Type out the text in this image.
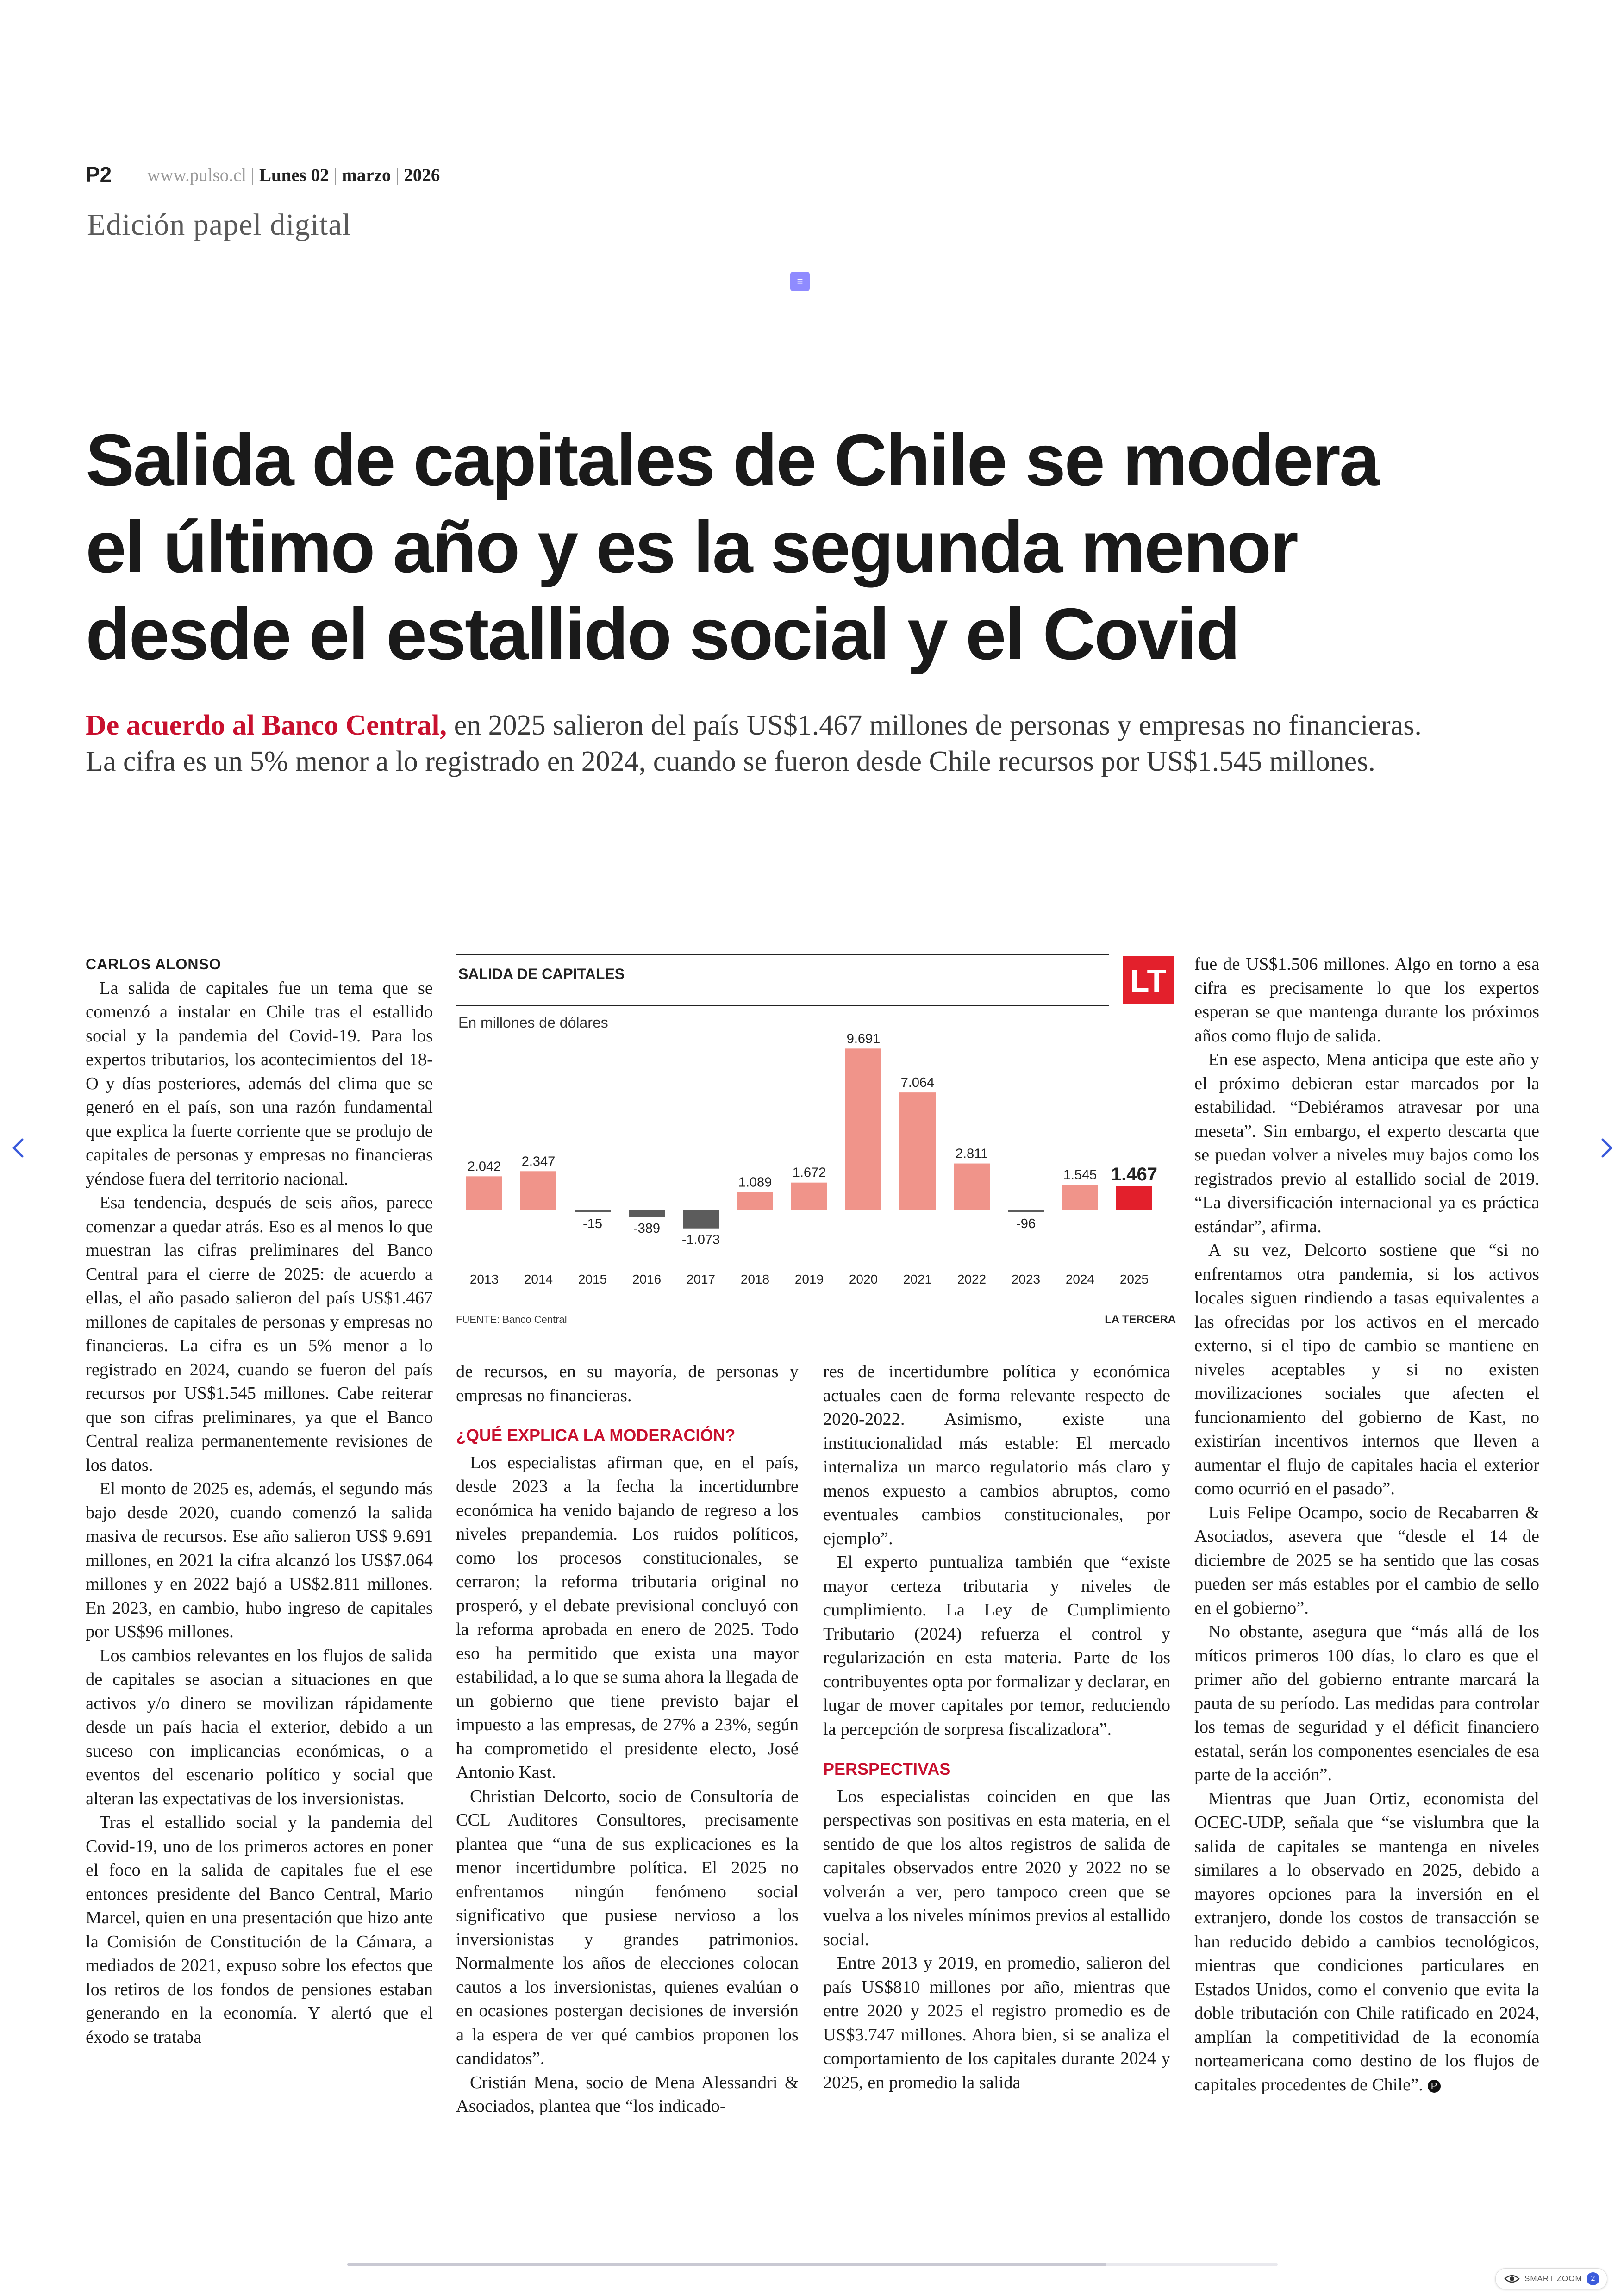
P2 www.pulso.cl | Lunes 02 | marzo | 2026
Edición papel digital
≡
Salida de capitales de Chile se modera
el último año y es la segunda menor
desde el estallido social y el Covid
De acuerdo al Banco Central, en 2025 salieron del país US$1.467 millones de personas y empresas no financieras. La cifra es un 5% menor a lo registrado en 2024, cuando se fueron desde Chile recursos por US$1.545 millones.

CARLOS ALONSO

La salida de capitales fue un tema que se comenzó a instalar en Chile tras el estallido social y la pandemia del Covid-19. Para los expertos tributarios, los acontecimientos del 18-O y días posteriores, además del clima que se generó en el país, son una razón fundamental que explica la fuerte corriente que se produjo de capitales de personas y empresas no financieras yéndose fuera del territorio nacional.

Esa tendencia, después de seis años, parece comenzar a quedar atrás. Eso es al menos lo que muestran las cifras preliminares del Banco Central para el cierre de 2025: de acuerdo a ellas, el año pasado salieron del país US$1.467 millones de capitales de personas y empresas no financieras. La cifra es un 5% menor a lo registrado en 2024, cuando se fueron del país recursos por US$1.545 millones. Cabe reiterar que son cifras preliminares, ya que el Banco Central realiza permanentemente revisiones de los datos.

El monto de 2025 es, además, el segundo más bajo desde 2020, cuando comenzó la salida masiva de recursos. Ese año salieron US$ 9.691 millones, en 2021 la cifra alcanzó los US$7.064 millones y en 2022 bajó a US$2.811 millones. En 2023, en cambio, hubo ingreso de capitales por US$96 millones.

Los cambios relevantes en los flujos de salida de capitales se asocian a situaciones en que activos y/o dinero se movilizan rápidamente desde un país hacia el exterior, debido a un suceso con implicancias económicas, o a eventos del escenario político y social que alteran las expectativas de los inversionistas.

Tras el estallido social y la pandemia del Covid-19, uno de los primeros actores en poner el foco en la salida de capitales fue el ese entonces presidente del Banco Central, Mario Marcel, quien en una presentación que hizo ante la Comisión de Constitución de la Cámara, a mediados de 2021, expuso sobre los efectos que los retiros de los fondos de pensiones estaban generando en la economía. Y alertó que el éxodo se trataba

SALIDA DE CAPITALES	LT
En millones de dólares
2.042
2013
2.347
2014
-15
2015
-389
2016
-1.073
2017
1.089
2018
1.672
2019
9.691
2020
7.064
2021
2.811
2022
-96
2023
1.545
2024
1.467
2025
FUENTE: Banco Central	LA TERCERA

de recursos, en su mayoría, de personas y empresas no financieras.

¿QUÉ EXPLICA LA MODERACIÓN?

Los especialistas afirman que, en el país, desde 2023 a la fecha la incertidumbre económica ha venido bajando de regreso a los niveles prepandemia. Los ruidos políticos, como los procesos constitucionales, se cerraron; la reforma tributaria original no prosperó, y el debate previsional concluyó con la reforma aprobada en enero de 2025. Todo eso ha permitido que exista una mayor estabilidad, a lo que se suma ahora la llegada de un gobierno que tiene previsto bajar el impuesto a las empresas, de 27% a 23%, según ha comprometido el presidente electo, José Antonio Kast.

Christian Delcorto, socio de Consultoría de CCL Auditores Consultores, precisamente plantea que “una de sus explicaciones es la menor incertidumbre política. El 2025 no enfrentamos ningún fenómeno social significativo que pusiese nervioso a los inversionistas y grandes patrimonios. Normalmente los años de elecciones colocan cautos a los inversionistas, quienes evalúan o en ocasiones postergan decisiones de inversión a la espera de ver qué cambios proponen los candidatos”.

Cristián Mena, socio de Mena Alessandri & Asociados, plantea que “los indicado-

res de incertidumbre política y económica actuales caen de forma relevante respecto de 2020-2022. Asimismo, existe una institucionalidad más estable: El mercado internaliza un marco regulatorio más claro y menos expuesto a cambios abruptos, como eventuales cambios constitucionales, por ejemplo”.

El experto puntualiza también que “existe mayor certeza tributaria y niveles de cumplimiento. La Ley de Cumplimiento Tributario (2024) refuerza el control y regularización en esta materia. Parte de los contribuyentes opta por formalizar y declarar, en lugar de mover capitales por temor, reduciendo la percepción de sorpresa fiscalizadora”.

PERSPECTIVAS

Los especialistas coinciden en que las perspectivas son positivas en esta materia, en el sentido de que los altos registros de salida de capitales observados entre 2020 y 2022 no se volverán a ver, pero tampoco creen que se vuelva a los niveles mínimos previos al estallido social.

Entre 2013 y 2019, en promedio, salieron del país US$810 millones por año, mientras que entre 2020 y 2025 el registro promedio es de US$3.747 millones. Ahora bien, si se analiza el comportamiento de los capitales durante 2024 y 2025, en promedio la salida

fue de US$1.506 millones. Algo en torno a esa cifra es precisamente lo que los expertos esperan se que mantenga durante los próximos años como flujo de salida.

En ese aspecto, Mena anticipa que este año y el próximo debieran estar marcados por la estabilidad. “Debiéramos atravesar por una meseta”. Sin embargo, el experto descarta que se puedan volver a niveles muy bajos como los registrados previo al estallido social de 2019. “La diversificación internacional ya es práctica estándar”, afirma.

A su vez, Delcorto sostiene que “si no enfrentamos otra pandemia, si los activos locales siguen rindiendo a tasas equivalentes a las ofrecidas por los activos en el mercado externo, si el tipo de cambio se mantiene en niveles aceptables y si no existen movilizaciones sociales que afecten el funcionamiento del gobierno de Kast, no existirían incentivos internos que lleven a aumentar el flujo de capitales hacia el exterior como ocurrió en el pasado”.

Luis Felipe Ocampo, socio de Recabarren & Asociados, asevera que “desde el 14 de diciembre de 2025 se ha sentido que las cosas pueden ser más estables por el cambio de sello en el gobierno”.

No obstante, asegura que “más allá de los míticos primeros 100 días, lo claro es que el primer año del gobierno entrante marcará la pauta de su período. Las medidas para controlar los temas de seguridad y el déficit financiero estatal, serán los componentes esenciales de esa parte de la acción”.

Mientras que Juan Ortiz, economista del OCEC-UDP, señala que “se vislumbra que la salida de capitales se mantenga en niveles similares a lo observado en 2025, debido a mayores opciones para la inversión en el extranjero, donde los costos de transacción se han reducido debido a cambios tecnológicos, mientras que condiciones particulares en Estados Unidos, como el convenio que evita la doble tributación con Chile ratificado en 2024, amplían la competitividad de la economía norteamericana como destino de los flujos de capitales procedentes de Chile”. P

SMART ZOOM	2
